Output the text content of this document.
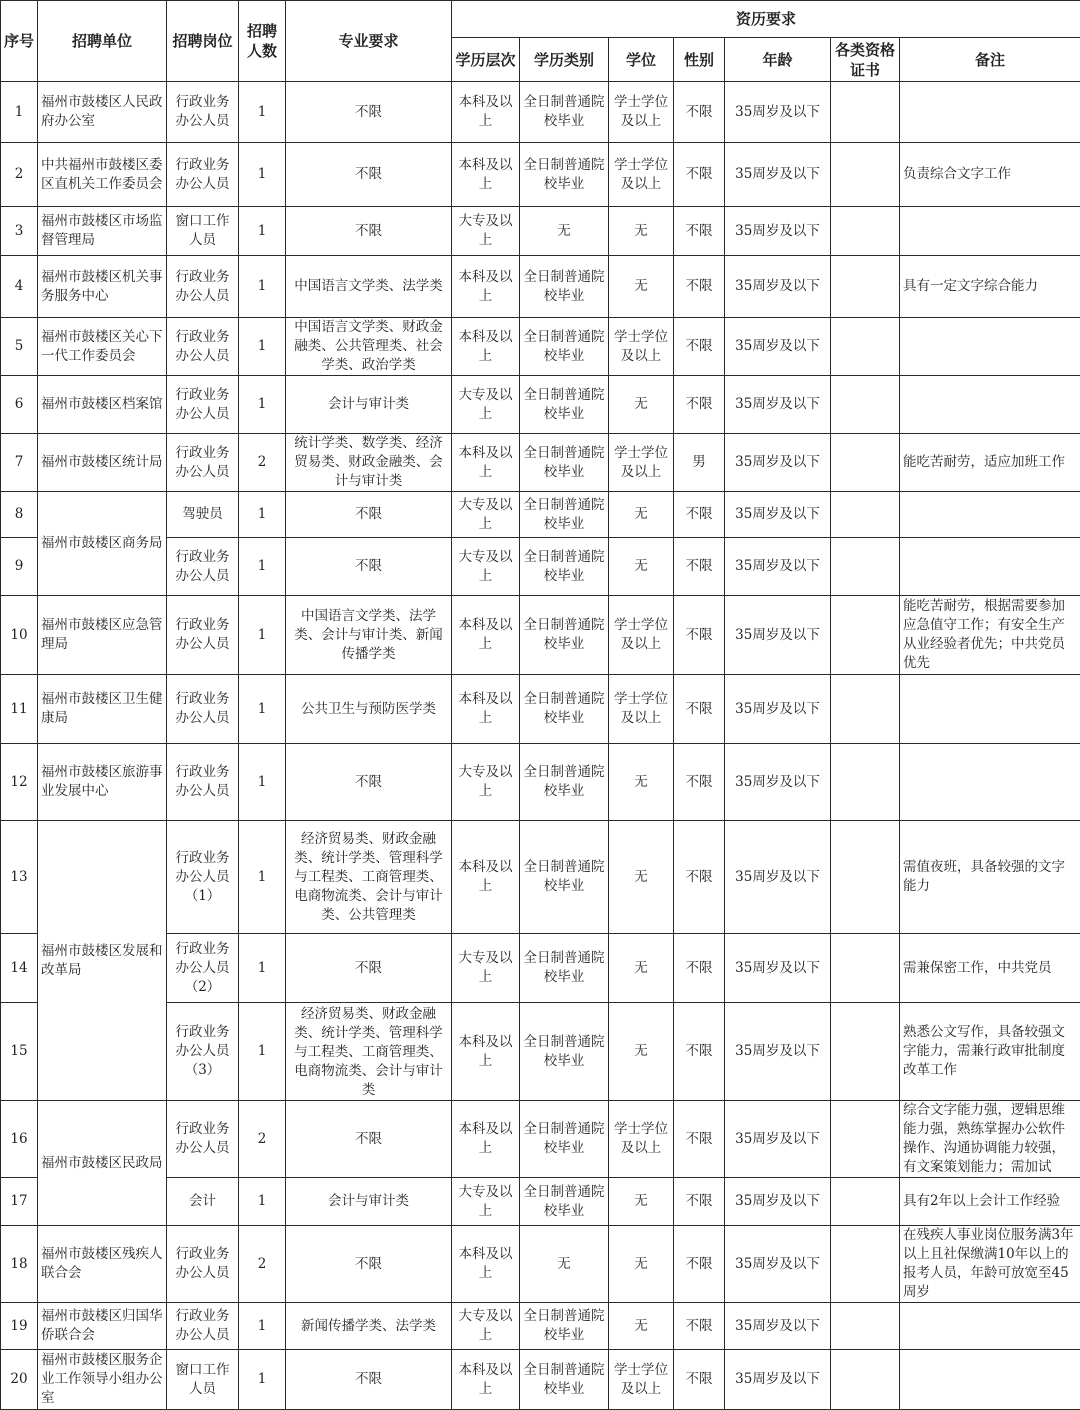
序号	招聘单位	招聘岗位	招聘人数	专业要求	资历要求						
					学历层次	学历类别	学位	性别	年龄	各类资格证书	备注
1	福州市鼓楼区人民政府办公室	行政业务办公人员	1	不限	本科及以上	全日制普通院校毕业	学士学位及以上	不限	35周岁及以下		
2	中共福州市鼓楼区委区直机关工作委员会	行政业务办公人员	1	不限	本科及以上	全日制普通院校毕业	学士学位及以上	不限	35周岁及以下		负责综合文字工作
3	福州市鼓楼区市场监督管理局	窗口工作人员	1	不限	大专及以上	无	无	不限	35周岁及以下		
4	福州市鼓楼区机关事务服务中心	行政业务办公人员	1	中国语言文学类、法学类	本科及以上	全日制普通院校毕业	无	不限	35周岁及以下		具有一定文字综合能力
5	福州市鼓楼区关心下一代工作委员会	行政业务办公人员	1	中国语言文学类、财政金融类、公共管理类、社会学类、政治学类	本科及以上	全日制普通院校毕业	学士学位及以上	不限	35周岁及以下		
6	福州市鼓楼区档案馆	行政业务办公人员	1	会计与审计类	大专及以上	全日制普通院校毕业	无	不限	35周岁及以下		
7	福州市鼓楼区统计局	行政业务办公人员	2	统计学类、数学类、经济贸易类、财政金融类、会计与审计类	本科及以上	全日制普通院校毕业	学士学位及以上	男	35周岁及以下		能吃苦耐劳，适应加班工作
8	福州市鼓楼区商务局	驾驶员	1	不限	大专及以上	全日制普通院校毕业	无	不限	35周岁及以下		
9		行政业务办公人员	1	不限	大专及以上	全日制普通院校毕业	无	不限	35周岁及以下		
10	福州市鼓楼区应急管理局	行政业务办公人员	1	中国语言文学类、法学类、会计与审计类、新闻传播学类	本科及以上	全日制普通院校毕业	学士学位及以上	不限	35周岁及以下		能吃苦耐劳，根据需要参加应急值守工作；有安全生产从业经验者优先；中共党员优先
11	福州市鼓楼区卫生健康局	行政业务办公人员	1	公共卫生与预防医学类	本科及以上	全日制普通院校毕业	学士学位及以上	不限	35周岁及以下		
12	福州市鼓楼区旅游事业发展中心	行政业务办公人员	1	不限	大专及以上	全日制普通院校毕业	无	不限	35周岁及以下		
13	福州市鼓楼区发展和改革局	行政业务办公人员（1）	1	经济贸易类、财政金融类、统计学类、管理科学与工程类、工商管理类、电商物流类、会计与审计类、公共管理类	本科及以上	全日制普通院校毕业	无	不限	35周岁及以下		需值夜班，具备较强的文字能力
14		行政业务办公人员（2）	1	不限	大专及以上	全日制普通院校毕业	无	不限	35周岁及以下		需兼保密工作，中共党员
15		行政业务办公人员（3）	1	经济贸易类、财政金融类、统计学类、管理科学与工程类、工商管理类、电商物流类、会计与审计类	本科及以上	全日制普通院校毕业	无	不限	35周岁及以下		熟悉公文写作，具备较强文字能力，需兼行政审批制度改革工作
16	福州市鼓楼区民政局	行政业务办公人员	2	不限	本科及以上	全日制普通院校毕业	学士学位及以上	不限	35周岁及以下		综合文字能力强，逻辑思维能力强，熟练掌握办公软件操作、沟通协调能力较强，有文案策划能力；需加试
17		会计	1	会计与审计类	大专及以上	全日制普通院校毕业	无	不限	35周岁及以下		具有2年以上会计工作经验
18	福州市鼓楼区残疾人联合会	行政业务办公人员	2	不限	本科及以上	无	无	不限	35周岁及以下		在残疾人事业岗位服务满3年以上且社保缴满10年以上的报考人员，年龄可放宽至45周岁
19	福州市鼓楼区归国华侨联合会	行政业务办公人员	1	新闻传播学类、法学类	大专及以上	全日制普通院校毕业	无	不限	35周岁及以下		
20	福州市鼓楼区服务企业工作领导小组办公室	窗口工作人员	1	不限	本科及以上	全日制普通院校毕业	学士学位及以上	不限	35周岁及以下		
